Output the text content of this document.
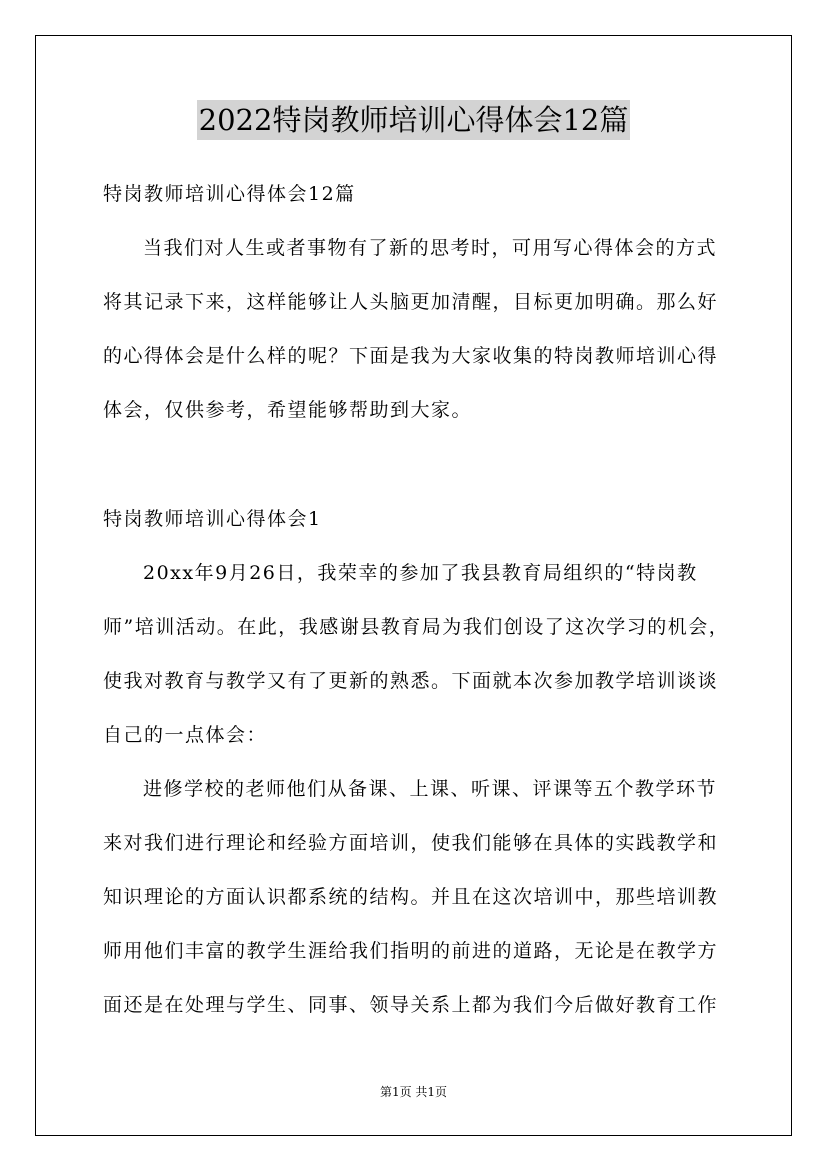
2022特岗教师培训心得体会12篇
特岗教师培训心得体会12篇
当我们对人生或者事物有了新的思考时，可用写心得体会的方式
将其记录下来，这样能够让人头脑更加清醒，目标更加明确。那么好
的心得体会是什么样的呢？下面是我为大家收集的特岗教师培训心得
体会，仅供参考，希望能够帮助到大家。
特岗教师培训心得体会1
20xx年9月26日，我荣幸的参加了我县教育局组织的“特岗教
师”培训活动。在此，我感谢县教育局为我们创设了这次学习的机会，
使我对教育与教学又有了更新的熟悉。下面就本次参加教学培训谈谈
自己的一点体会：
进修学校的老师他们从备课、上课、听课、评课等五个教学环节
来对我们进行理论和经验方面培训，使我们能够在具体的实践教学和
知识理论的方面认识都系统的结构。并且在这次培训中，那些培训教
师用他们丰富的教学生涯给我们指明的前进的道路，无论是在教学方
面还是在处理与学生、同事、领导关系上都为我们今后做好教育工作
第1页 共1页
